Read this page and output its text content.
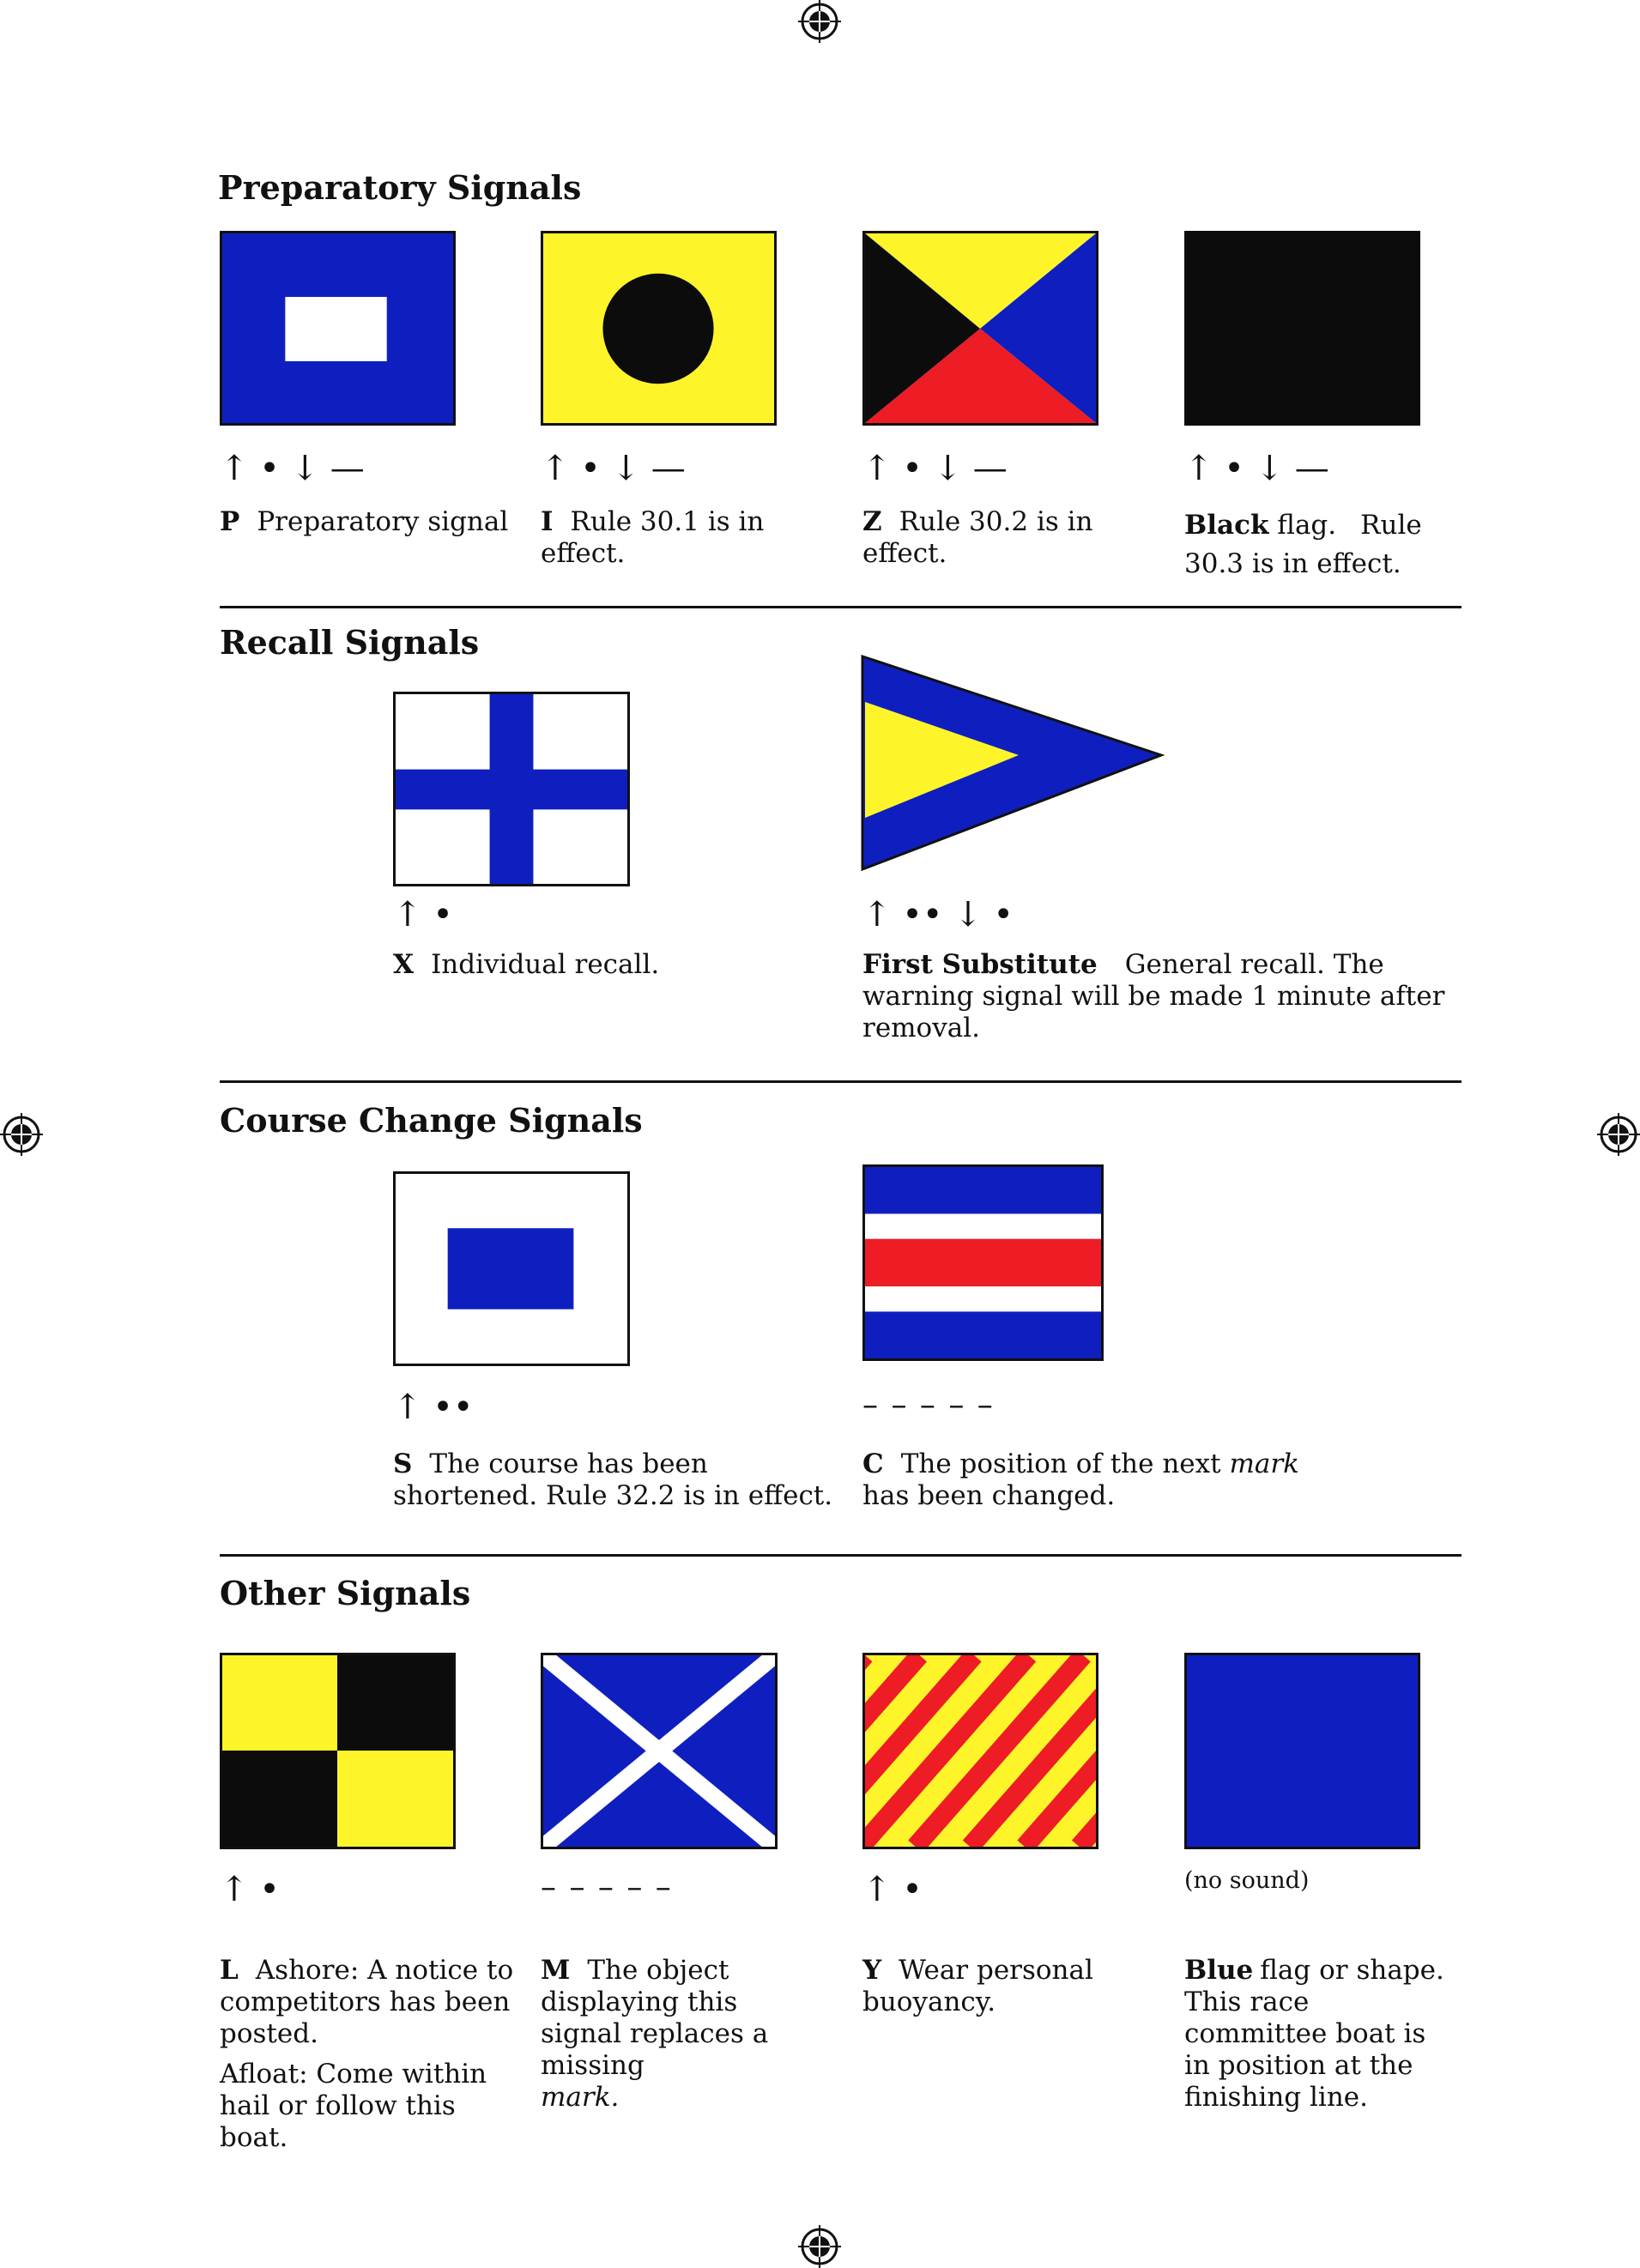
Preparatory Signals
↑ • ↓ —
P Preparatory signal
↑ • ↓ —
I Rule 30.1 is in effect.
↑ • ↓ —
Z Rule 30.2 is in effect.
↑ • ↓ —
Black flag. Rule 30.3 is in effect.
Recall Signals
↑ •
X Individual recall.
↑ •• ↓ •
First Substitute General recall. The warning signal will be made 1 minute after removal.
Course Change Signals
↑ ••
S The course has been shortened. Rule 32.2 is in effect.
– – – – –
C The position of the next mark has been changed.
Other Signals
↑ •

L Ashore: A notice to competitors has been posted.

Afloat: Come within hail or follow this boat.

– – – – –
M The object displaying this signal replaces a missing
mark.
↑ •
Y Wear personal buoyancy.
(no sound)
Blue flag or shape. This race committee boat is in position at the finishing line.
